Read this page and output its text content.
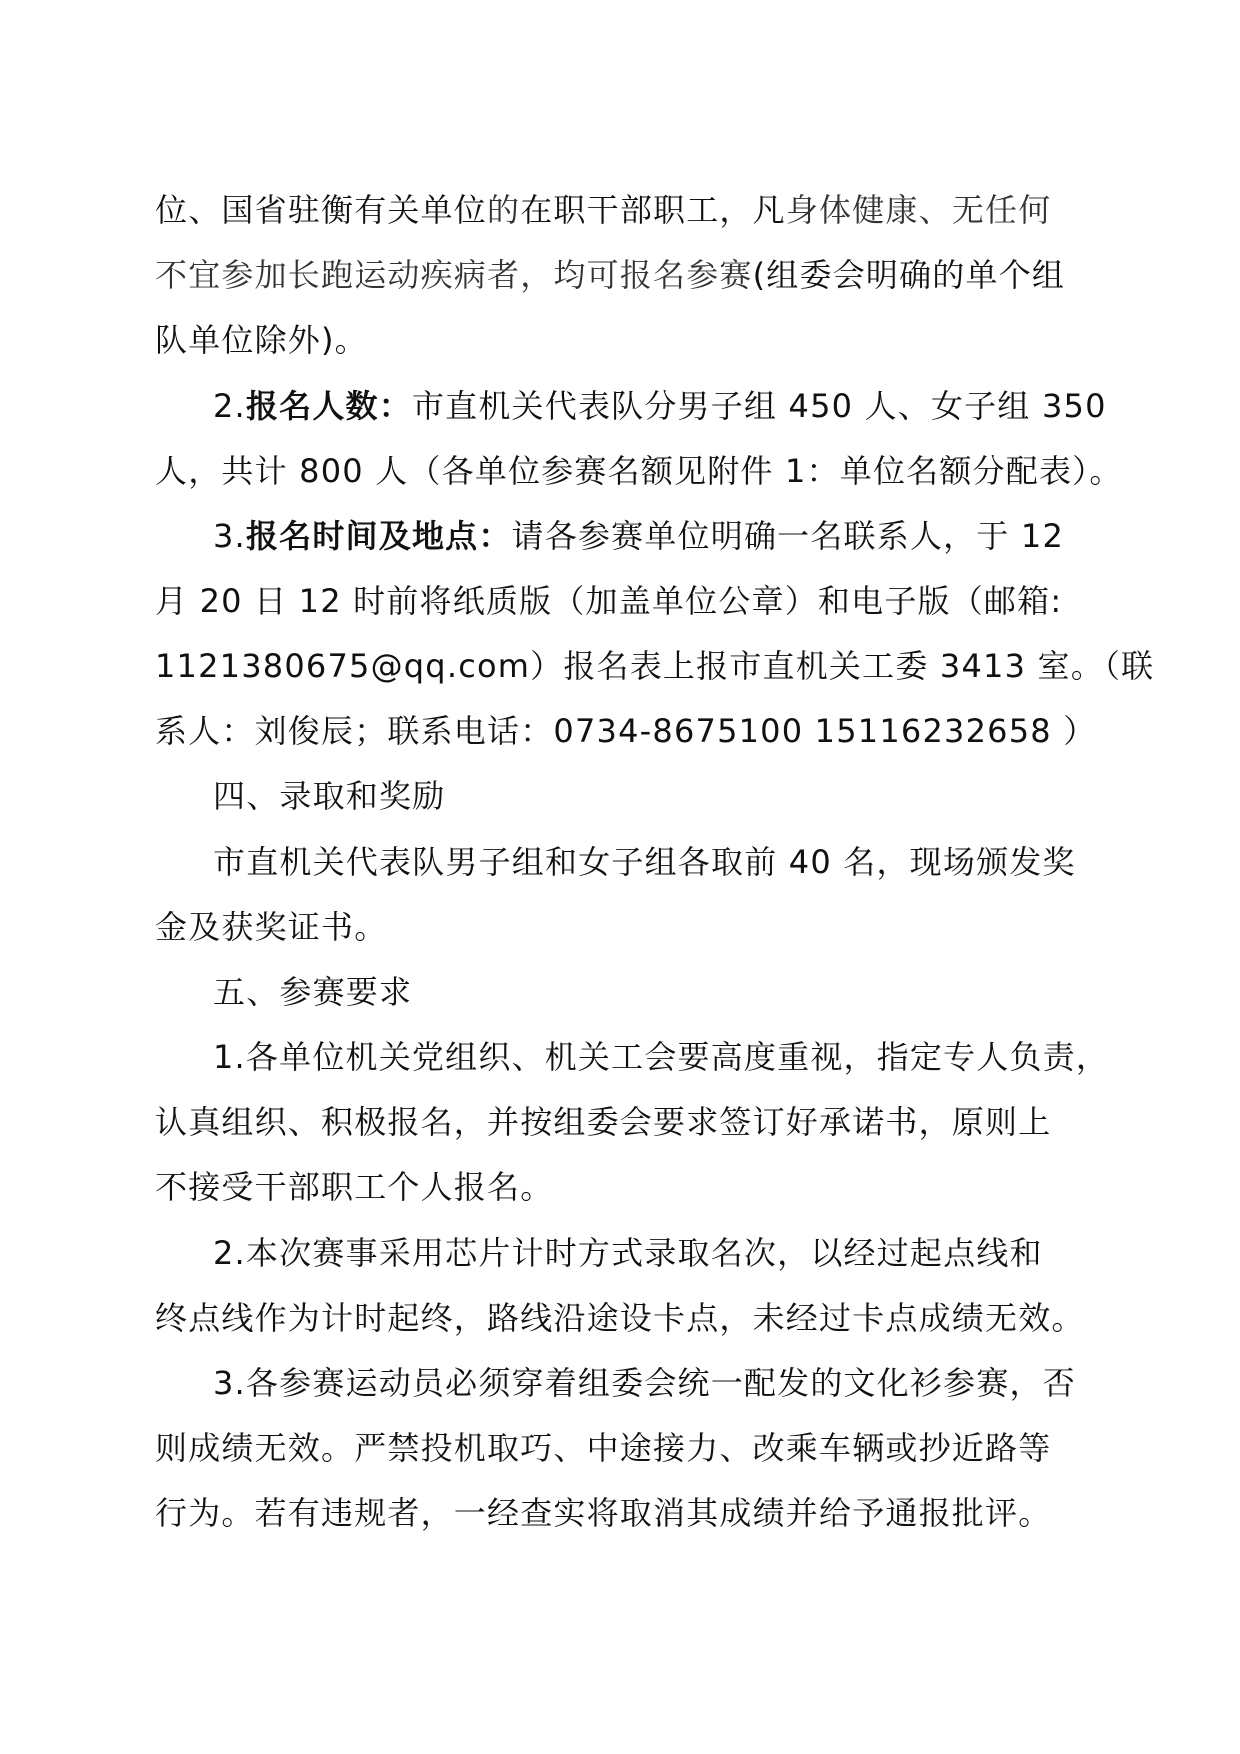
位、国省驻衡有关单位的在职干部职工，凡身体健康、无任何
不宜参加长跑运动疾病者，均可报名参赛(组委会明确的单个组
队单位除外)。
2.报名人数：市直机关代表队分男子组 450 人、女子组 350
人，共计 800 人（各单位参赛名额见附件 1：单位名额分配表）。
3.报名时间及地点：请各参赛单位明确一名联系人，于 12
月 20 日 12 时前将纸质版（加盖单位公章）和电子版（邮箱:
1121380675@qq.com）报名表上报市直机关工委 3413 室。（联
系人：刘俊辰；联系电话：0734-8675100 15116232658 ）
四、录取和奖励
市直机关代表队男子组和女子组各取前 40 名，现场颁发奖
金及获奖证书。
五、参赛要求
1.各单位机关党组织、机关工会要高度重视，指定专人负责，
认真组织、积极报名，并按组委会要求签订好承诺书，原则上
不接受干部职工个人报名。
2.本次赛事采用芯片计时方式录取名次，以经过起点线和
终点线作为计时起终，路线沿途设卡点，未经过卡点成绩无效。
3.各参赛运动员必须穿着组委会统一配发的文化衫参赛，否
则成绩无效。严禁投机取巧、中途接力、改乘车辆或抄近路等
行为。若有违规者，一经查实将取消其成绩并给予通报批评。
